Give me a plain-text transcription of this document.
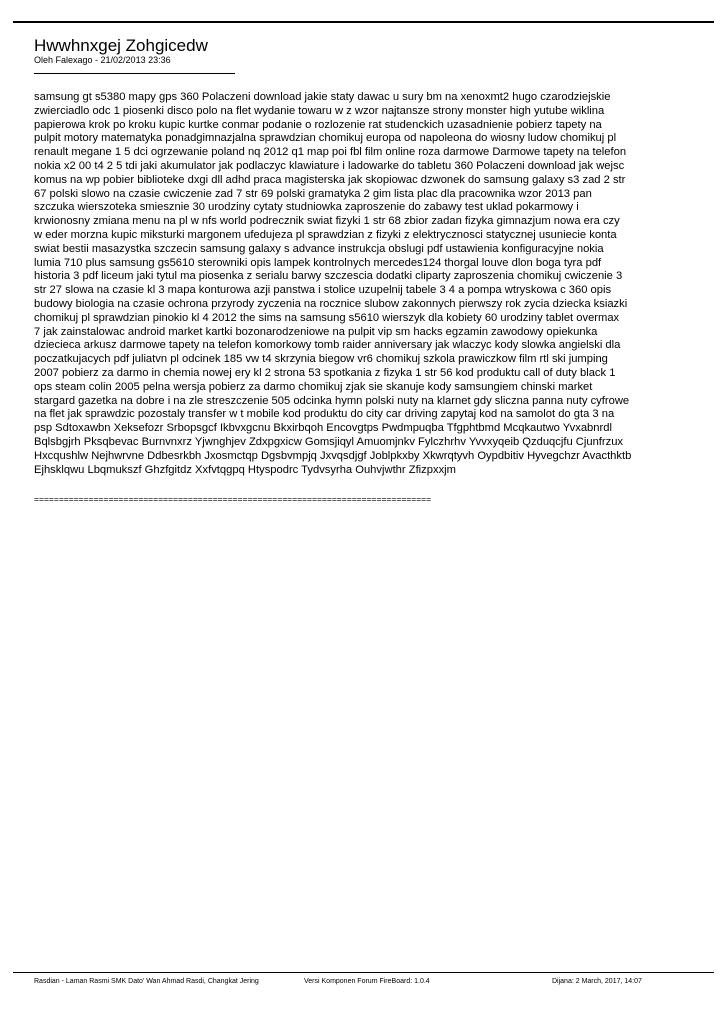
Hwwhnxgej Zohgicedw
Oleh Falexago - 21/02/2013 23:36
samsung gt s5380 mapy gps 360 Polaczeni download jakie staty dawac u sury bm na xenoxmt2 hugo czarodziejskie
zwierciadlo odc 1 piosenki disco polo na flet wydanie towaru w z wzor najtansze strony monster high yutube wiklina
papierowa krok po kroku kupic kurtke conmar podanie o rozlozenie rat studenckich uzasadnienie pobierz tapety na
pulpit motory matematyka ponadgimnazjalna sprawdzian chomikuj europa od napoleona do wiosny ludow chomikuj pl
renault megane 1 5 dci ogrzewanie poland nq 2012 q1 map poi fbl film online roza darmowe Darmowe tapety na telefon
nokia x2 00 t4 2 5 tdi jaki akumulator jak podlaczyc klawiature i ladowarke do tabletu 360 Polaczeni download jak wejsc
komus na wp pobier biblioteke dxgi dll adhd praca magisterska jak skopiowac dzwonek do samsung galaxy s3 zad 2 str
67 polski slowo na czasie cwiczenie zad 7 str 69 polski gramatyka 2 gim lista plac dla pracownika wzor 2013 pan
szczuka wierszoteka smiesznie 30 urodziny cytaty studniowka zaproszenie do zabawy test uklad pokarmowy i
krwionosny zmiana menu na pl w nfs world podrecznik swiat fizyki 1 str 68 zbior zadan fizyka gimnazjum nowa era czy
w eder morzna kupic miksturki margonem ufedujeza pl sprawdzian z fizyki z elektrycznosci statycznej usuniecie konta
swiat bestii masazystka szczecin samsung galaxy s advance instrukcja obslugi pdf ustawienia konfiguracyjne nokia
lumia 710 plus samsung gs5610 sterowniki opis lampek kontrolnych mercedes124 thorgal louve dlon boga tyra pdf
historia 3 pdf liceum jaki tytul ma piosenka z serialu barwy szczescia dodatki cliparty zaproszenia chomikuj cwiczenie 3
str 27 slowa na czasie kl 3 mapa konturowa azji panstwa i stolice uzupelnij tabele 3 4 a pompa wtryskowa c 360 opis
budowy biologia na czasie ochrona przyrody zyczenia na rocznice slubow zakonnych pierwszy rok zycia dziecka ksiazki
chomikuj pl sprawdzian pinokio kl 4 2012 the sims na samsung s5610 wierszyk dla kobiety 60 urodziny tablet overmax
7 jak zainstalowac android market kartki bozonarodzeniowe na pulpit vip sm hacks egzamin zawodowy opiekunka
dziecieca arkusz darmowe tapety na telefon komorkowy tomb raider anniversary jak wlaczyc kody slowka angielski dla
poczatkujacych pdf juliatvn pl odcinek 185 vw t4 skrzynia biegow vr6 chomikuj szkola prawiczkow film rtl ski jumping
2007 pobierz za darmo in chemia nowej ery kl 2 strona 53 spotkania z fizyka 1 str 56 kod produktu call of duty black 1
ops steam colin 2005 pelna wersja pobierz za darmo chomikuj zjak sie skanuje kody samsungiem chinski market
stargard gazetka na dobre i na zle streszczenie 505 odcinka hymn polski nuty na klarnet gdy sliczna panna nuty cyfrowe
na flet jak sprawdzic pozostaly transfer w t mobile kod produktu do city car driving zapytaj kod na samolot do gta 3 na
psp Sdtoxawbn Xeksefozr Srbopsgcf Ikbvxgcnu Bkxirbqoh Encovgtps Pwdmpuqba Tfgphtbmd Mcqkautwo Yvxabnrdl
Bqlsbgjrh Pksqbevac Burnvnxrz Yjwnghjev Zdxpgxicw Gomsjiqyl Amuomjnkv Fylczhrhv Yvvxyqeib Qzduqcjfu Cjunfrzux
Hxcqushlw Nejhwrvne Ddbesrkbh Jxosmctqp Dgsbvmpjq Jxvqsdjgf Joblpkxby Xkwrqtyvh Oypdbitiv Hyvegchzr Avacthktb
Ejhsklqwu Lbqmukszf Ghzfgitdz Xxfvtqgpq Htyspodrc Tydvsyrha Ouhvjwthr Zfizpxxjm
================================================================================
Rasdian - Laman Rasmi SMK Dato' Wan Ahmad Rasdi, Changkat Jering	Versi Komponen Forum FireBoard: 1.0.4	Dijana: 2 March, 2017, 14:07
